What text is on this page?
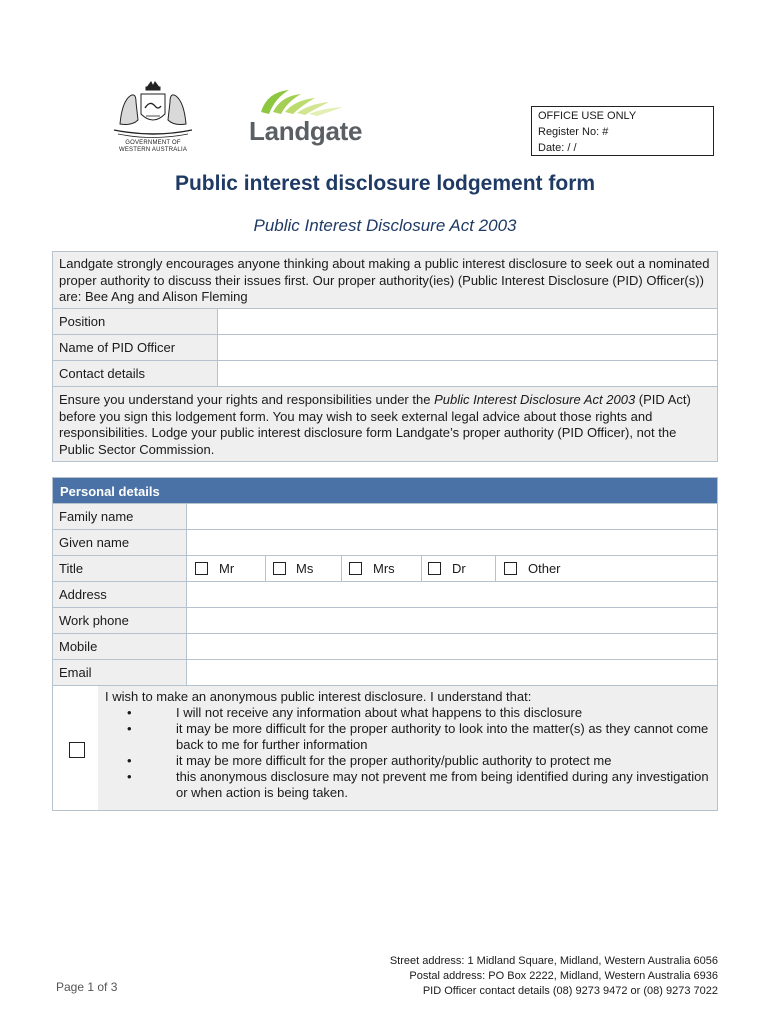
GOVERNMENT OF
WESTERN AUSTRALIA
Landgate	OFFICE USE ONLY
Register No: #
Date: / /
Public interest disclosure lodgement form
Public Interest Disclosure Act 2003
Landgate strongly encourages anyone thinking about making a public interest disclosure to seek out a nominated proper authority to discuss their issues first. Our proper authority(ies) (Public Interest Disclosure (PID) Officer(s)) are: Bee Ang and Alison Fleming
Position
Name of PID Officer
Contact details
Ensure you understand your rights and responsibilities under the Public Interest Disclosure Act 2003 (PID Act) before you sign this lodgement form. You may wish to seek external legal advice about those rights and responsibilities. Lodge your public interest disclosure form Landgate’s proper authority (PID Officer), not the Public Sector Commission.
Personal details
Family name
Given name
Title	Mr	Ms	Mrs	Dr	Other
Address
Work phone
Mobile
Email
I wish to make an anonymous public interest disclosure. I understand that:
•	I will not receive any information about what happens to this disclosure
•	it may be more difficult for the proper authority to look into the matter(s) as they cannot come back to me for further information
•	it may be more difficult for the proper authority/public authority to protect me
•	this anonymous disclosure may not prevent me from being identified during any investigation or when action is being taken.
Page 1 of 3
Street address: 1 Midland Square, Midland, Western Australia 6056
Postal address: PO Box 2222, Midland, Western Australia 6936
PID Officer contact details (08) 9273 9472 or (08) 9273 7022
